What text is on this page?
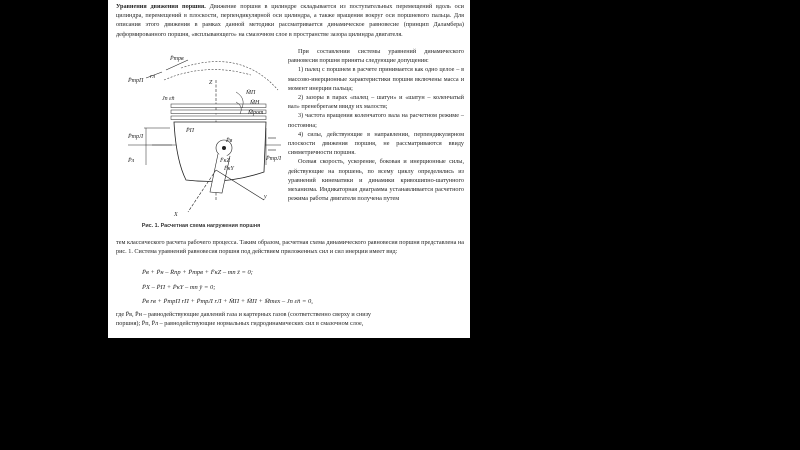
Уравнения движения поршня. Движение поршня в цилиндре складывается из поступательных перемещений вдоль оси цилиндра, перемещений в плоскости, перпендикулярной оси цилиндра, а также вращения вокруг оси поршневого пальца. Для описания этого движения в рамках данной методики рассматривается динамическое равновесие (принцип Даламбера) деформированного поршня, «всплывающего» на смазочном слое в пространстве зазора цилиндра двигателя.

P̄трв
P̄трП
rл
Jп ε̈п
Z
M̄П
M̄Н
M̄рот
P̄П
P̄трЛ
P̄в
F̄кZ
F̄кY
P̄л	P̄трЛ
X
y
Рис. 1. Расчетная схема нагружения поршня

При составлении системы уравнений динамического равновесия поршня приняты следующие допущения:

1) палец с поршнем в расчете принимается как одно целое – в массово-инерционные характеристики поршня включены масса и момент инерции пальца;

2) зазоры в парах «палец – шатун» и «шатун – коленчатый вал» пренебрегаем ввиду их малости;

3) частота вращения коленчатого вала на расчетном режиме – постоянна;

4) силы, действующие в направлении, перпендикулярном плоскости движения поршня, не рассматриваются ввиду симметричности поршня.

Осевая скорость, ускорение, боковая и инерционные силы, действующие на поршень, по всему циклу определялись из уравнений кинематики и динамики кривошипно-шатунного механизма. Индикаторная диаграмма устанавливается расчетного режима работы двигателя получена путем

тем классического расчета рабочего процесса. Таким образом, расчетная схема динамического равновесия поршня представлена на рис. 1. Система уравнений равновесия поршня под действием приложенных сил и сил инерции имеет вид:

P̄в + P̄н – R̄пр + P̄трв + F̄кZ – mп z̈ = 0;
P̄X – P̄П + P̄кY – mп ÿ = 0;
P̄в rв + P̄трП rП + P̄трЛ rЛ + M̄П + M̄П + M̄тех – Jп ε̈п = 0,

где P̄в, P̄н – равнодействующие давлений газа и картерных газов (соответственно сверху и снизу

поршня); P̄п, P̄л – равнодействующие нормальных гидродинамических сил в смазочном слое,
